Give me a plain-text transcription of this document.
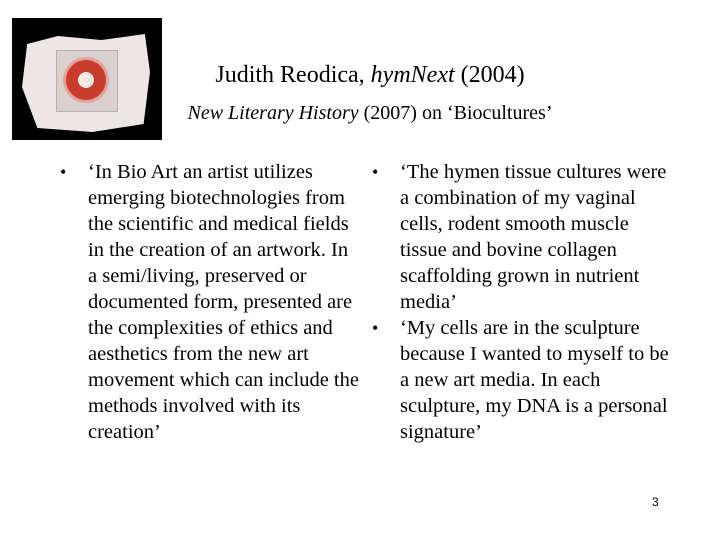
Judith Reodica, hymNext (2004)
New Literary History (2007) on ‘Biocultures’
• ‘In Bio Art an artist utilizes emerging biotechnologies from the scientific and medical fields in the creation of an artwork. In a semi/living, preserved or documented form, presented are the complexities of ethics and aesthetics from the new art movement which can include the methods involved with its creation’
• ‘The hymen tissue cultures were a combination of my vaginal cells, rodent smooth muscle tissue and bovine collagen scaffolding grown in nutrient media’
• ‘My cells are in the sculpture because I wanted to myself to be a new art media. In each sculpture, my DNA is a personal signature’
3
